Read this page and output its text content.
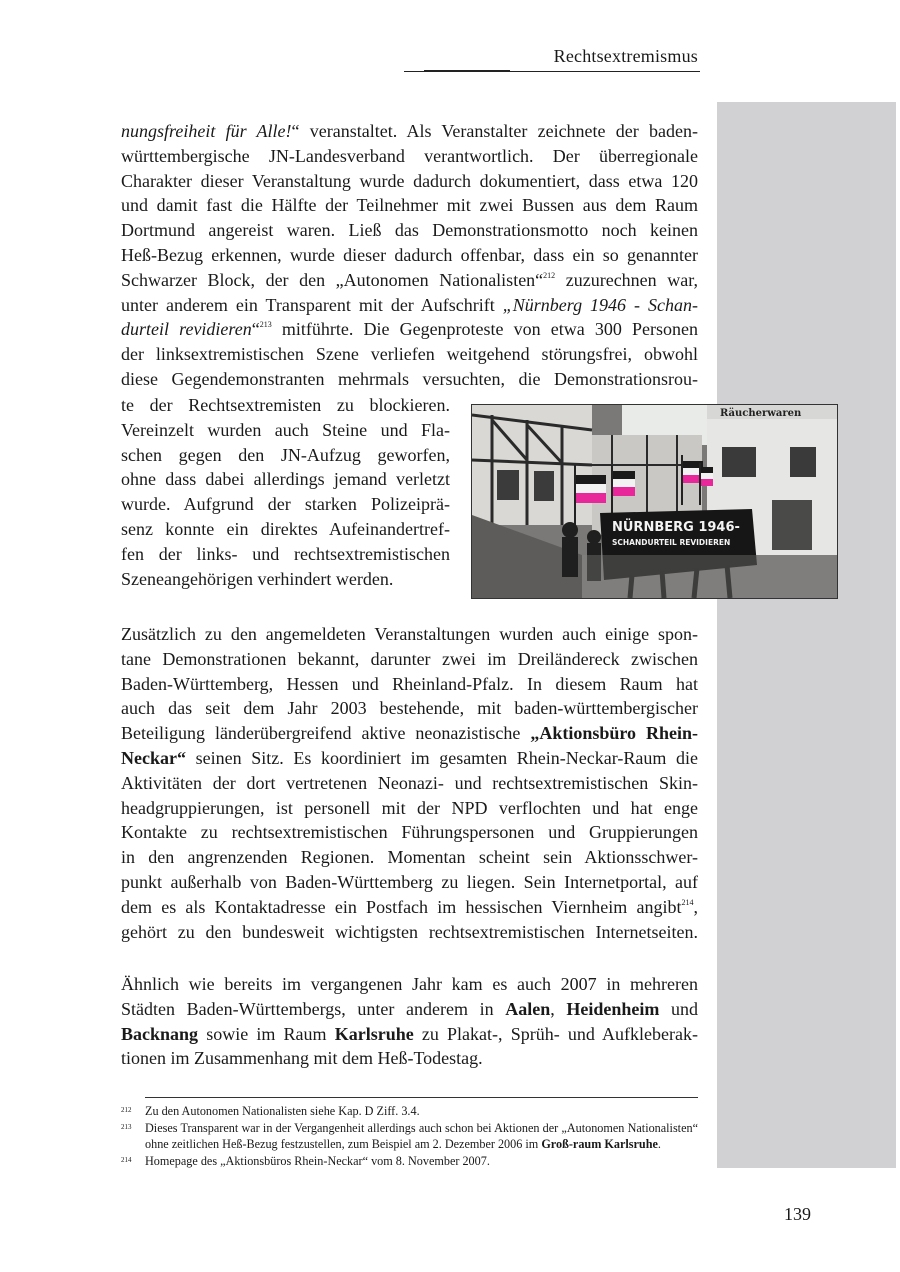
Rechtsextremismus

nungsfreiheit für Alle!“ veranstaltet. Als Veranstalter zeichnete der baden-
württembergische JN-Landesverband verantwortlich. Der überregionale
Charakter dieser Veranstaltung wurde dadurch dokumentiert, dass etwa 120
und damit fast die Hälfte der Teilnehmer mit zwei Bussen aus dem Raum
Dortmund angereist waren. Ließ das Demonstrationsmotto noch keinen
Heß-Bezug erkennen, wurde dieser dadurch offenbar, dass ein so genannter
Schwarzer Block, der den „Autonomen Nationalisten“$^{212}$ zuzurechnen war,
unter anderem ein Transparent mit der Aufschrift „Nürnberg 1946 - Schan-
durteil revidieren“$^{213}$ mitführte. Die Gegenproteste von etwa 300 Personen
der linksextremistischen Szene verliefen weitgehend störungsfrei, obwohl
diese Gegendemonstranten mehrmals versuchten, die Demonstrationsrou-

te der Rechtsextremisten zu blockieren.
Vereinzelt wurden auch Steine und Fla-
schen gegen den JN-Aufzug geworfen,
ohne dass dabei allerdings jemand verletzt
wurde. Aufgrund der starken Polizeiprä-
senz konnte ein direktes Aufeinandertref-
fen der links- und rechtsextremistischen

Szeneangehörigen verhindert werden.

Räucherwaren
NÜRNBERG 1946-
SCHANDURTEIL REVIDIEREN

Zusätzlich zu den angemeldeten Veranstaltungen wurden auch einige spon-
tane Demonstrationen bekannt, darunter zwei im Dreiländereck zwischen
Baden-Württemberg, Hessen und Rheinland-Pfalz. In diesem Raum hat
auch das seit dem Jahr 2003 bestehende, mit baden-württembergischer
Beteiligung länderübergreifend aktive neonazistische „Aktionsbüro Rhein-
Neckar“ seinen Sitz. Es koordiniert im gesamten Rhein-Neckar-Raum die
Aktivitäten der dort vertretenen Neonazi- und rechtsextremistischen Skin-
headgruppierungen, ist personell mit der NPD verflochten und hat enge
Kontakte zu rechtsextremistischen Führungspersonen und Gruppierungen
in den angrenzenden Regionen. Momentan scheint sein Aktionsschwer-
punkt außerhalb von Baden-Württemberg zu liegen. Sein Internetportal, auf
dem es als Kontaktadresse ein Postfach im hessischen Viernheim angibt$^{214}$,
gehört zu den bundesweit wichtigsten rechtsextremistischen Internetseiten.

Ähnlich wie bereits im vergangenen Jahr kam es auch 2007 in mehreren
Städten Baden-Württembergs, unter anderem in Aalen, Heidenheim und
Backnang sowie im Raum Karlsruhe zu Plakat-, Sprüh- und Aufkleberak-

tionen im Zusammenhang mit dem Heß-Todestag.

212 Zu den Autonomen Nationalisten siehe Kap. D Ziff. 3.4.
213 Dieses Transparent war in der Vergangenheit allerdings auch schon bei Aktionen der „Autonomen Nationalisten“ ohne zeitlichen Heß-Bezug festzustellen, zum Beispiel am 2. Dezember 2006 im Groß-raum Karlsruhe.
214 Homepage des „Aktionsbüros Rhein-Neckar“ vom 8. November 2007.
139
